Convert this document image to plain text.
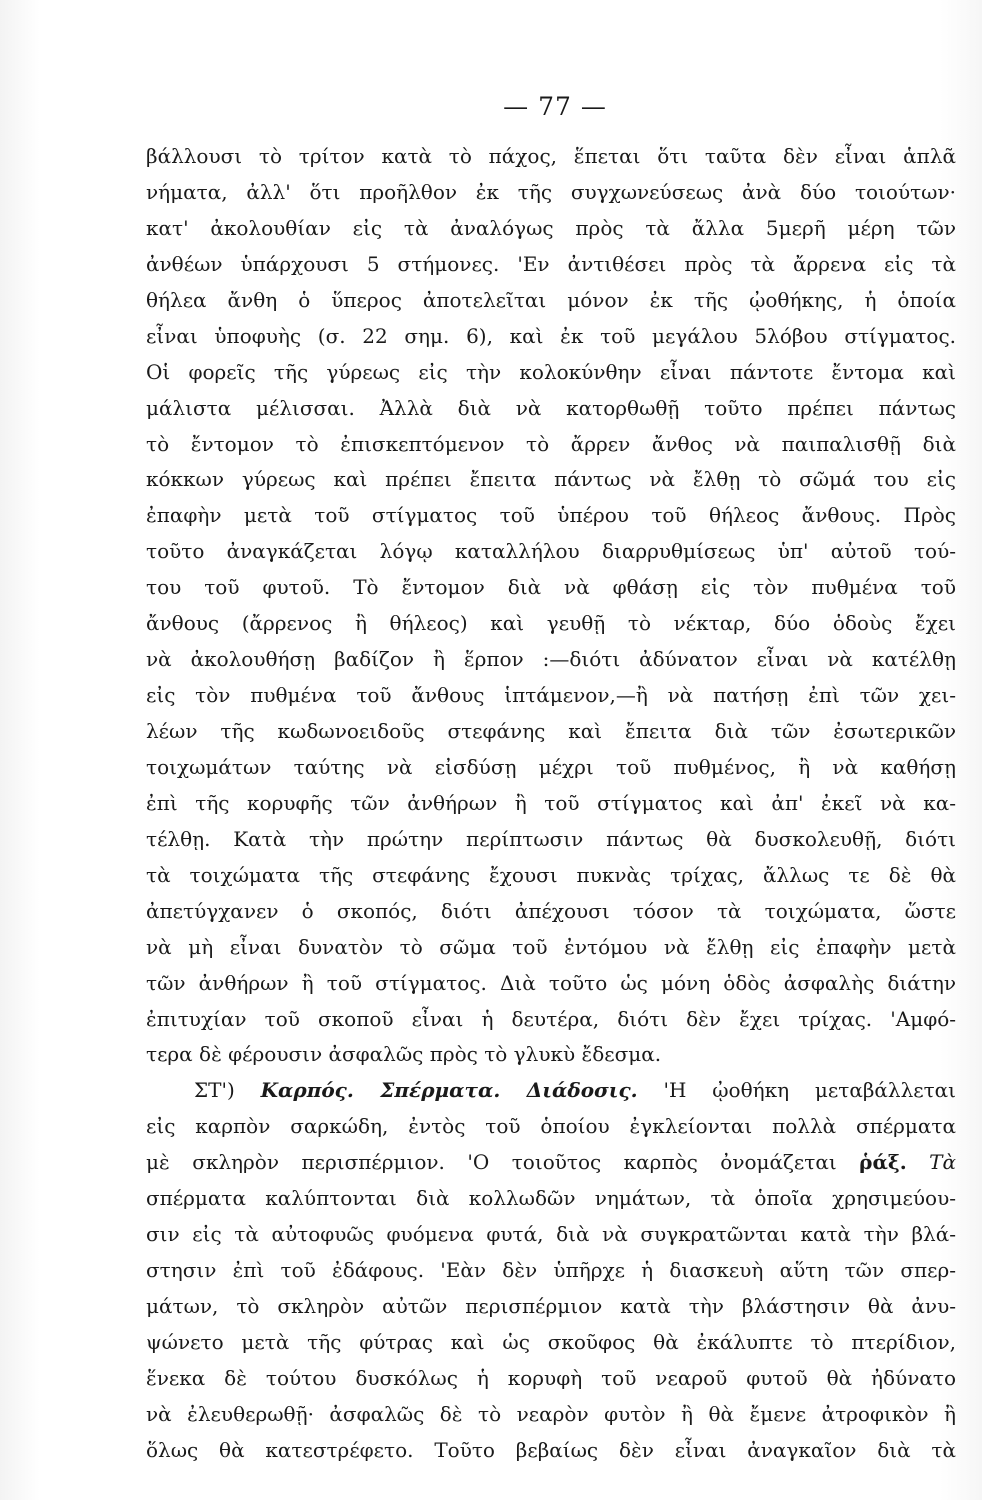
— 77 —
βάλλουσι τὸ τρίτον κατὰ τὸ πάχος, ἕπεται ὅτι ταῦτα δὲν εἶναι ἁπλᾶ
νήματα, ἀλλ' ὅτι προῆλθον ἐκ τῆς συγχωνεύσεως ἀνὰ δύο τοιούτων·
κατ' ἀκολουθίαν εἰς τὰ ἀναλόγως πρὸς τὰ ἄλλα 5μερῆ μέρη τῶν
ἀνθέων ὑπάρχουσι 5 στήμονες. 'Εν ἀντιθέσει πρὸς τὰ ἄρρενα εἰς τὰ
θήλεα ἄνθη ὁ ὕπερος ἀποτελεῖται μόνον ἐκ τῆς ᾠοθήκης, ἡ ὁποία
εἶναι ὑποφυὴς (σ. 22 σημ. 6), καὶ ἐκ τοῦ μεγάλου 5λόβου στίγματος.
Οἱ φορεῖς τῆς γύρεως εἰς τὴν κολοκύνθην εἶναι πάντοτε ἔντομα καὶ
μάλιστα μέλισσαι. Ἀλλὰ διὰ νὰ κατορθωθῇ τοῦτο πρέπει πάντως
τὸ ἔντομον τὸ ἐπισκεπτόμενον τὸ ἄρρεν ἄνθος νὰ παιπαλισθῇ διὰ
κόκκων γύρεως καὶ πρέπει ἔπειτα πάντως νὰ ἔλθῃ τὸ σῶμά του εἰς
ἐπαφὴν μετὰ τοῦ στίγματος τοῦ ὑπέρου τοῦ θήλεος ἄνθους. Πρὸς
τοῦτο ἀναγκάζεται λόγῳ καταλλήλου διαρρυθμίσεως ὑπ' αὐτοῦ τού-
του τοῦ φυτοῦ. Τὸ ἔντομον διὰ νὰ φθάσῃ εἰς τὸν πυθμένα τοῦ
ἄνθους (ἄρρενος ἢ θήλεος) καὶ γευθῇ τὸ νέκταρ, δύο ὁδοὺς ἔχει
νὰ ἀκολουθήσῃ βαδίζον ἢ ἕρπον :—διότι ἀδύνατον εἶναι νὰ κατέλθῃ
εἰς τὸν πυθμένα τοῦ ἄνθους ἱπτάμενον,—ἢ νὰ πατήσῃ ἐπὶ τῶν χει-
λέων τῆς κωδωνοειδοῦς στεφάνης καὶ ἔπειτα διὰ τῶν ἐσωτερικῶν
τοιχωμάτων ταύτης νὰ εἰσδύσῃ μέχρι τοῦ πυθμένος, ἢ νὰ καθήσῃ
ἐπὶ τῆς κορυφῆς τῶν ἀνθήρων ἢ τοῦ στίγματος καὶ ἀπ' ἐκεῖ νὰ κα-
τέλθῃ. Κατὰ τὴν πρώτην περίπτωσιν πάντως θὰ δυσκολευθῇ, διότι
τὰ τοιχώματα τῆς στεφάνης ἔχουσι πυκνὰς τρίχας, ἄλλως τε δὲ θὰ
ἀπετύγχανεν ὁ σκοπός, διότι ἀπέχουσι τόσον τὰ τοιχώματα, ὥστε
νὰ μὴ εἶναι δυνατὸν τὸ σῶμα τοῦ ἐντόμου νὰ ἔλθῃ εἰς ἐπαφὴν μετὰ
τῶν ἀνθήρων ἢ τοῦ στίγματος. Διὰ τοῦτο ὡς μόνη ὁδὸς ἀσφαλὴς διάτην
ἐπιτυχίαν τοῦ σκοποῦ εἶναι ἡ δευτέρα, διότι δὲν ἔχει τρίχας. 'Αμφό-
τερα δὲ φέρουσιν ἀσφαλῶς πρὸς τὸ γλυκὺ ἔδεσμα.
ΣΤ') Καρπός. Σπέρματα. Διάδοσις. 'Η ᾠοθήκη μεταβάλλεται
εἰς καρπὸν σαρκώδη, ἐντὸς τοῦ ὁποίου ἐγκλείονται πολλὰ σπέρματα
μὲ σκληρὸν περισπέρμιον. 'Ο τοιοῦτος καρπὸς ὀνομάζεται ῥάξ. Τὰ
σπέρματα καλύπτονται διὰ κολλωδῶν νημάτων, τὰ ὁποῖα χρησιμεύου-
σιν εἰς τὰ αὐτοφυῶς φυόμενα φυτά, διὰ νὰ συγκρατῶνται κατὰ τὴν βλά-
στησιν ἐπὶ τοῦ ἐδάφους. 'Εὰν δὲν ὑπῆρχε ἡ διασκευὴ αὕτη τῶν σπερ-
μάτων, τὸ σκληρὸν αὐτῶν περισπέρμιον κατὰ τὴν βλάστησιν θὰ ἀνυ-
ψώνετο μετὰ τῆς φύτρας καὶ ὡς σκοῦφος θὰ ἐκάλυπτε τὸ πτερίδιον,
ἕνεκα δὲ τούτου δυσκόλως ἡ κορυφὴ τοῦ νεαροῦ φυτοῦ θὰ ἠδύνατο
νὰ ἐλευθερωθῇ· ἀσφαλῶς δὲ τὸ νεαρὸν φυτὸν ἢ θὰ ἔμενε ἀτροφικὸν ἢ
ὅλως θὰ κατεστρέφετο. Τοῦτο βεβαίως δὲν εἶναι ἀναγκαῖον διὰ τὰ
